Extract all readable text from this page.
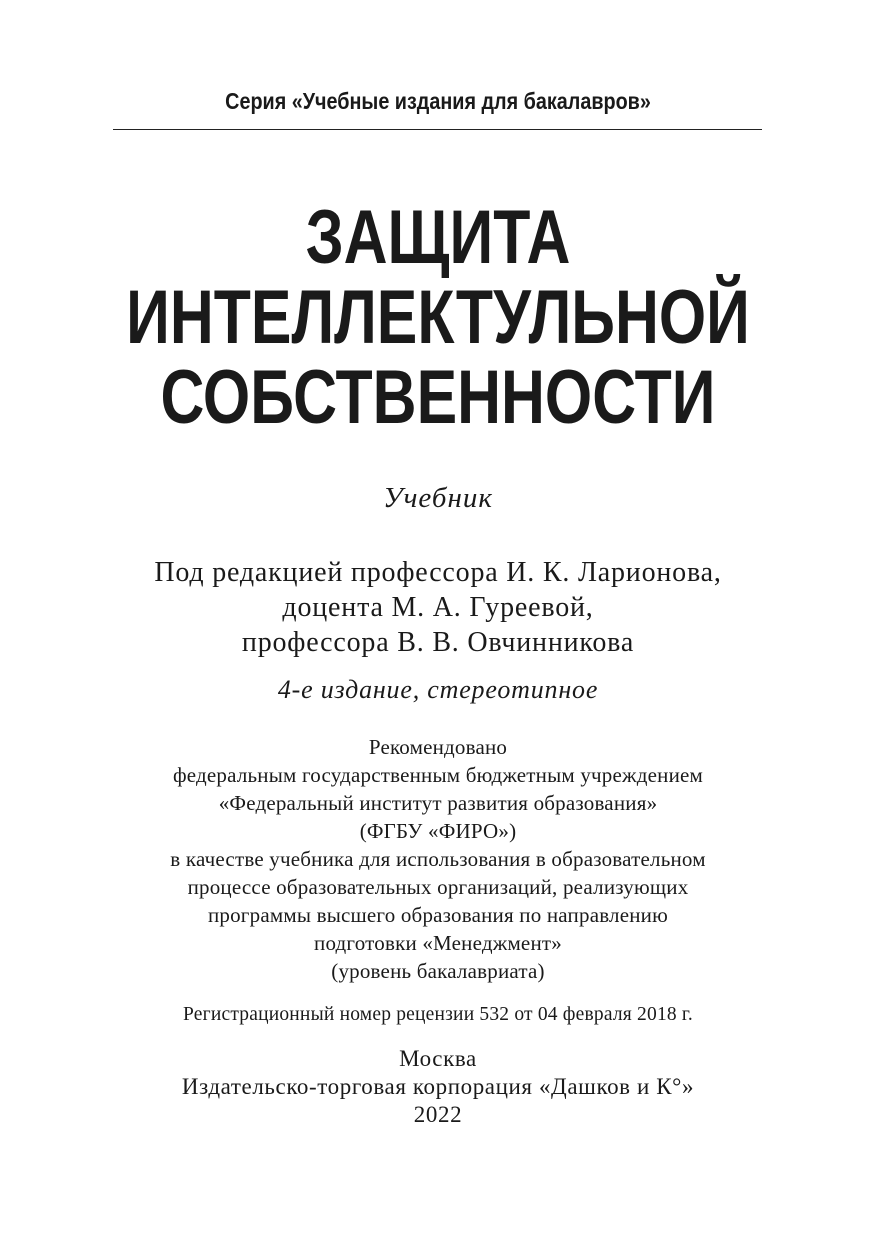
Серия «Учебные издания для бакалавров»
ЗАЩИТА
ИНТЕЛЛЕКТУЛЬНОЙ
СОБСТВЕННОСТИ
Учебник
Под редакцией профессора И. К. Ларионова,
доцента М. А. Гуреевой,
профессора В. В. Овчинникова
4-е издание, стереотипное
Рекомендовано
федеральным государственным бюджетным учреждением
«Федеральный институт развития образования»
(ФГБУ «ФИРО»)
в качестве учебника для использования в образовательном
процессе образовательных организаций, реализующих
программы высшего образования по направлению
подготовки «Менеджмент»
(уровень бакалавриата)
Регистрационный номер рецензии 532 от 04 февраля 2018 г.
Москва
Издательско-торговая корпорация «Дашков и К°»
2022
